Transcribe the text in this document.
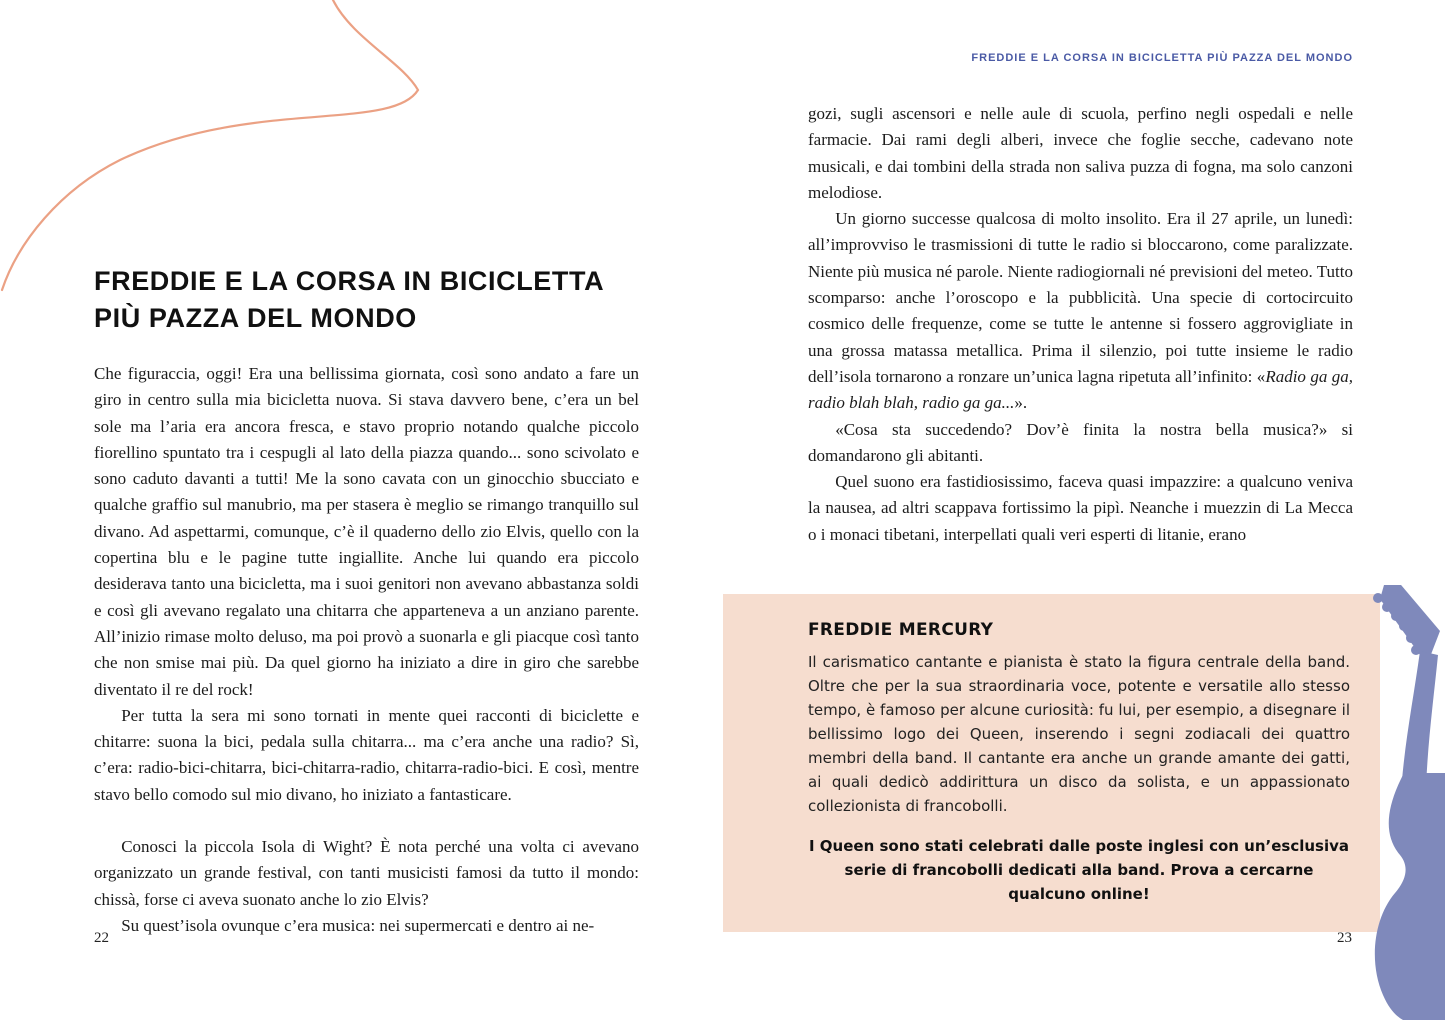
FREDDIE E LA CORSA IN BICICLETTA
PIÙ PAZZA DEL MONDO

Che figuraccia, oggi! Era una bellissima giornata, così sono andato a fare un giro in centro sulla mia bicicletta nuova. Si stava davvero bene, c’era un bel sole ma l’aria era ancora fresca, e stavo proprio notando qualche piccolo fiorellino spuntato tra i cespugli al lato della piazza quando... sono scivolato e sono caduto davanti a tutti! Me la sono cavata con un ginocchio sbucciato e qualche graffio sul manubrio, ma per stasera è meglio se rimango tranquillo sul divano. Ad aspettarmi, comunque, c’è il quaderno dello zio Elvis, quello con la copertina blu e le pagine tutte ingiallite. Anche lui quando era piccolo desiderava tanto una bicicletta, ma i suoi genitori non avevano abbastanza soldi e così gli avevano regalato una chitarra che apparteneva a un anziano parente. All’inizio rimase molto deluso, ma poi provò a suonarla e gli piacque così tanto che non smise mai più. Da quel giorno ha iniziato a dire in giro che sarebbe diventato il re del rock!

Per tutta la sera mi sono tornati in mente quei racconti di biciclette e chitarre: suona la bici, pedala sulla chitarra... ma c’era anche una radio? Sì, c’era: radio-bici-chitarra, bici-chitarra-radio, chitarra-radio-bici. E così, mentre stavo bello comodo sul mio divano, ho iniziato a fantasticare.

Conosci la piccola Isola di Wight? È nota perché una volta ci avevano organizzato un grande festival, con tanti musicisti famosi da tutto il mondo: chissà, forse ci aveva suonato anche lo zio Elvis?

Su quest’isola ovunque c’era musica: nei supermercati e dentro ai ne-

22
FREDDIE E LA CORSA IN BICICLETTA PIÙ PAZZA DEL MONDO

gozi, sugli ascensori e nelle aule di scuola, perfino negli ospedali e nelle farmacie. Dai rami degli alberi, invece che foglie secche, cadevano note musicali, e dai tombini della strada non saliva puzza di fogna, ma solo canzoni melodiose.

Un giorno successe qualcosa di molto insolito. Era il 27 aprile, un lunedì: all’improvviso le trasmissioni di tutte le radio si bloccarono, come paralizzate. Niente più musica né parole. Niente radiogiornali né previsioni del meteo. Tutto scomparso: anche l’oroscopo e la pubblicità. Una specie di cortocircuito cosmico delle frequenze, come se tutte le antenne si fossero aggrovigliate in una grossa matassa metallica. Prima il silenzio, poi tutte insieme le radio dell’isola tornarono a ronzare un’unica lagna ripetuta all’infinito: «Radio ga ga, radio blah blah, radio ga ga...».

«Cosa sta succedendo? Dov’è finita la nostra bella musica?» si domandarono gli abitanti.

Quel suono era fastidiosissimo, faceva quasi impazzire: a qualcuno veniva la nausea, ad altri scappava fortissimo la pipì. Neanche i muezzin di La Mecca o i monaci tibetani, interpellati quali veri esperti di litanie, erano

FREDDIE MERCURY

Il carismatico cantante e pianista è stato la figura centrale della band. Oltre che per la sua straordinaria voce, potente e versatile allo stesso tempo, è famoso per alcune curiosità: fu lui, per esempio, a disegnare il bellissimo logo dei Queen, inserendo i segni zodiacali dei quattro membri della band. Il cantante era anche un grande amante dei gatti, ai quali dedicò addirittura un disco da solista, e un appassionato collezionista di francobolli.

I Queen sono stati celebrati dalle poste inglesi con un’esclusiva serie di francobolli dedicati alla band. Prova a cercarne qualcuno online!

23
